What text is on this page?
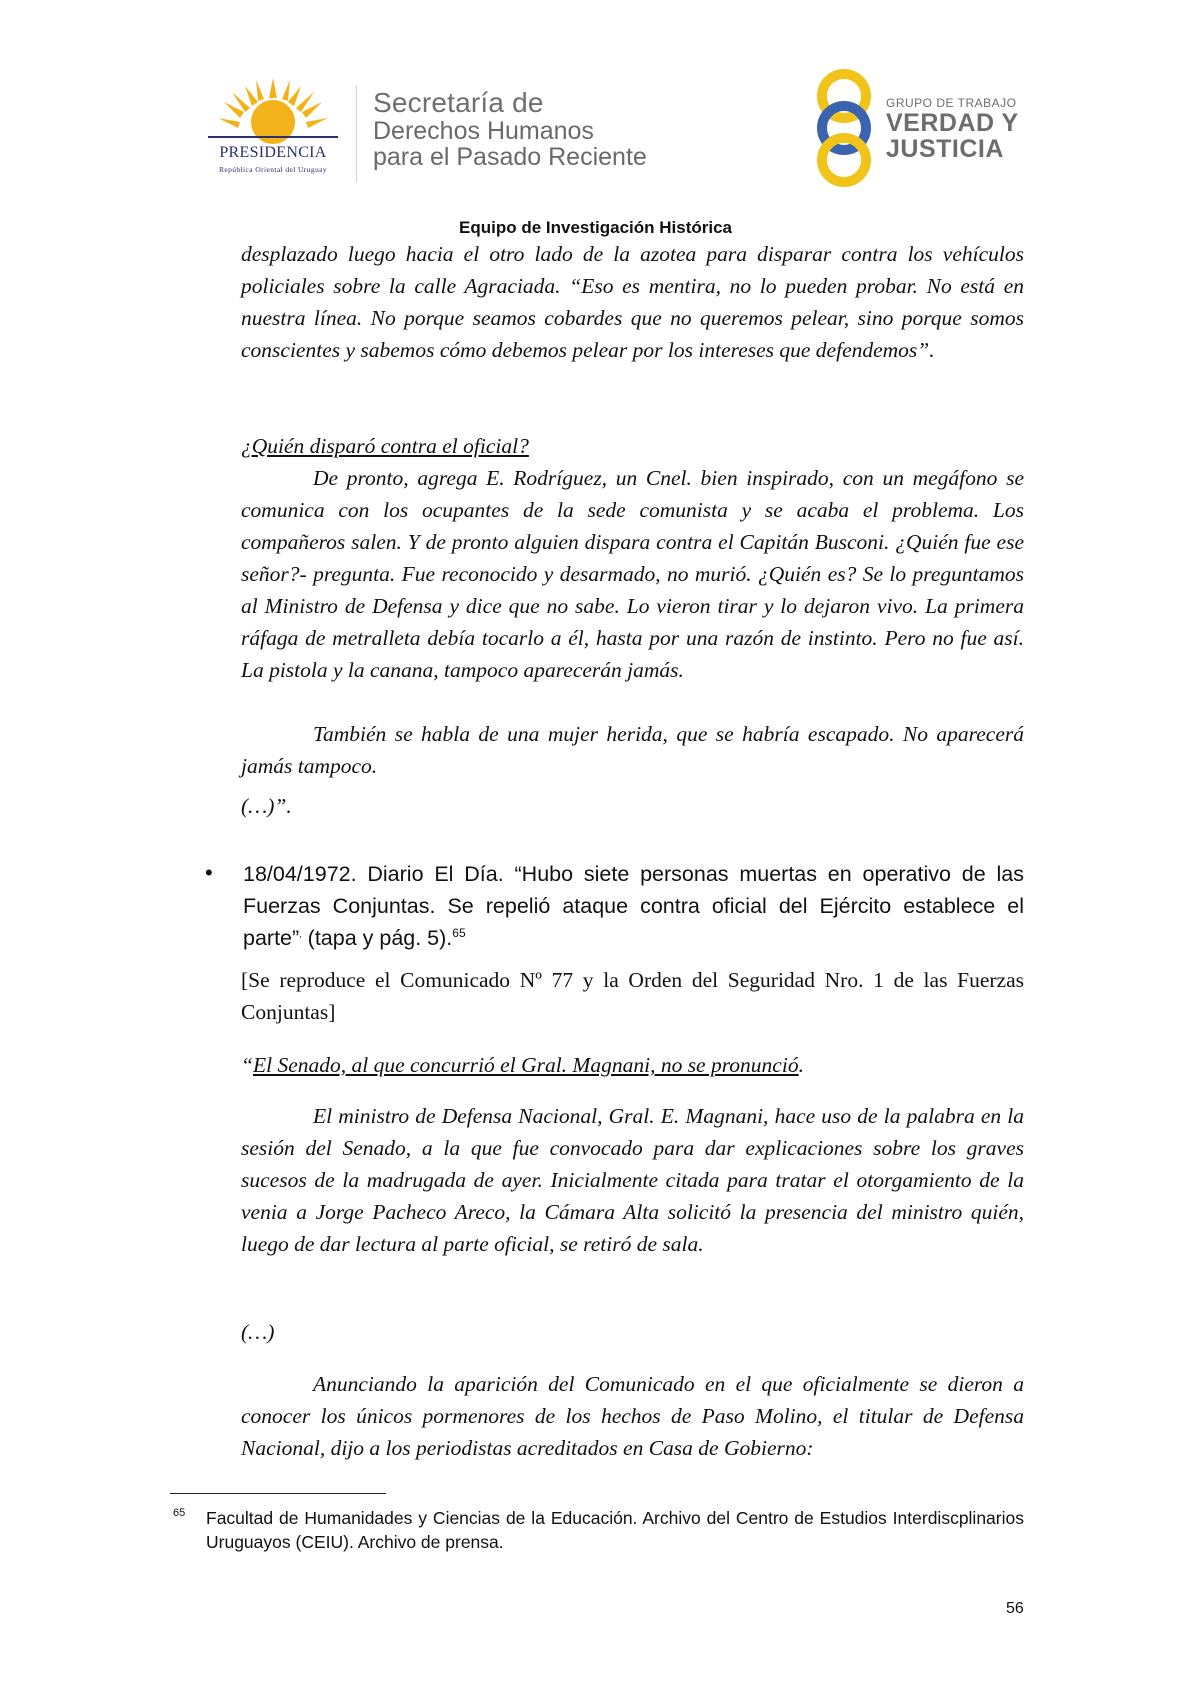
PRESIDENCIA
República Oriental del Uruguay
Secretaría de
Derechos Humanos
para el Pasado Reciente
GRUPO DE TRABAJO
VERDAD Y
JUSTICIA
Equipo de Investigación Histórica

desplazado luego hacia el otro lado de la azotea para disparar contra los vehículos policiales sobre la calle Agraciada. “Eso es mentira, no lo pueden probar. No está en nuestra línea. No porque seamos cobardes que no queremos pelear, sino porque somos conscientes y sabemos cómo debemos pelear por los intereses que defendemos”.

¿Quién disparó contra el oficial?

De pronto, agrega E. Rodríguez, un Cnel. bien inspirado, con un megáfono se comunica con los ocupantes de la sede comunista y se acaba el problema. Los compañeros salen. Y de pronto alguien dispara contra el Capitán Busconi. ¿Quién fue ese señor?- pregunta. Fue reconocido y desarmado, no murió. ¿Quién es? Se lo preguntamos al Ministro de Defensa y dice que no sabe. Lo vieron tirar y lo dejaron vivo. La primera ráfaga de metralleta debía tocarlo a él, hasta por una razón de instinto. Pero no fue así. La pistola y la canana, tampoco aparecerán jamás.

También se habla de una mujer herida, que se habría escapado. No aparecerá jamás tampoco.

(…)”.

• 18/04/1972. Diario El Día. “Hubo siete personas muertas en operativo de las Fuerzas Conjuntas. Se repelió ataque contra oficial del Ejército establece el parte”, (tapa y pág. 5).$^{65}$

[Se reproduce el Comunicado Nº 77 y la Orden del Seguridad Nro. 1 de las Fuerzas Conjuntas]

“El Senado, al que concurrió el Gral. Magnani, no se pronunció.

El ministro de Defensa Nacional, Gral. E. Magnani, hace uso de la palabra en la sesión del Senado, a la que fue convocado para dar explicaciones sobre los graves sucesos de la madrugada de ayer. Inicialmente citada para tratar el otorgamiento de la venia a Jorge Pacheco Areco, la Cámara Alta solicitó la presencia del ministro quién, luego de dar lectura al parte oficial, se retiró de sala.

(…)

Anunciando la aparición del Comunicado en el que oficialmente se dieron a conocer los únicos pormenores de los hechos de Paso Molino, el titular de Defensa Nacional, dijo a los periodistas acreditados en Casa de Gobierno:

65 Facultad de Humanidades y Ciencias de la Educación. Archivo del Centro de Estudios Interdiscplinarios Uruguayos (CEIU). Archivo de prensa.

56
